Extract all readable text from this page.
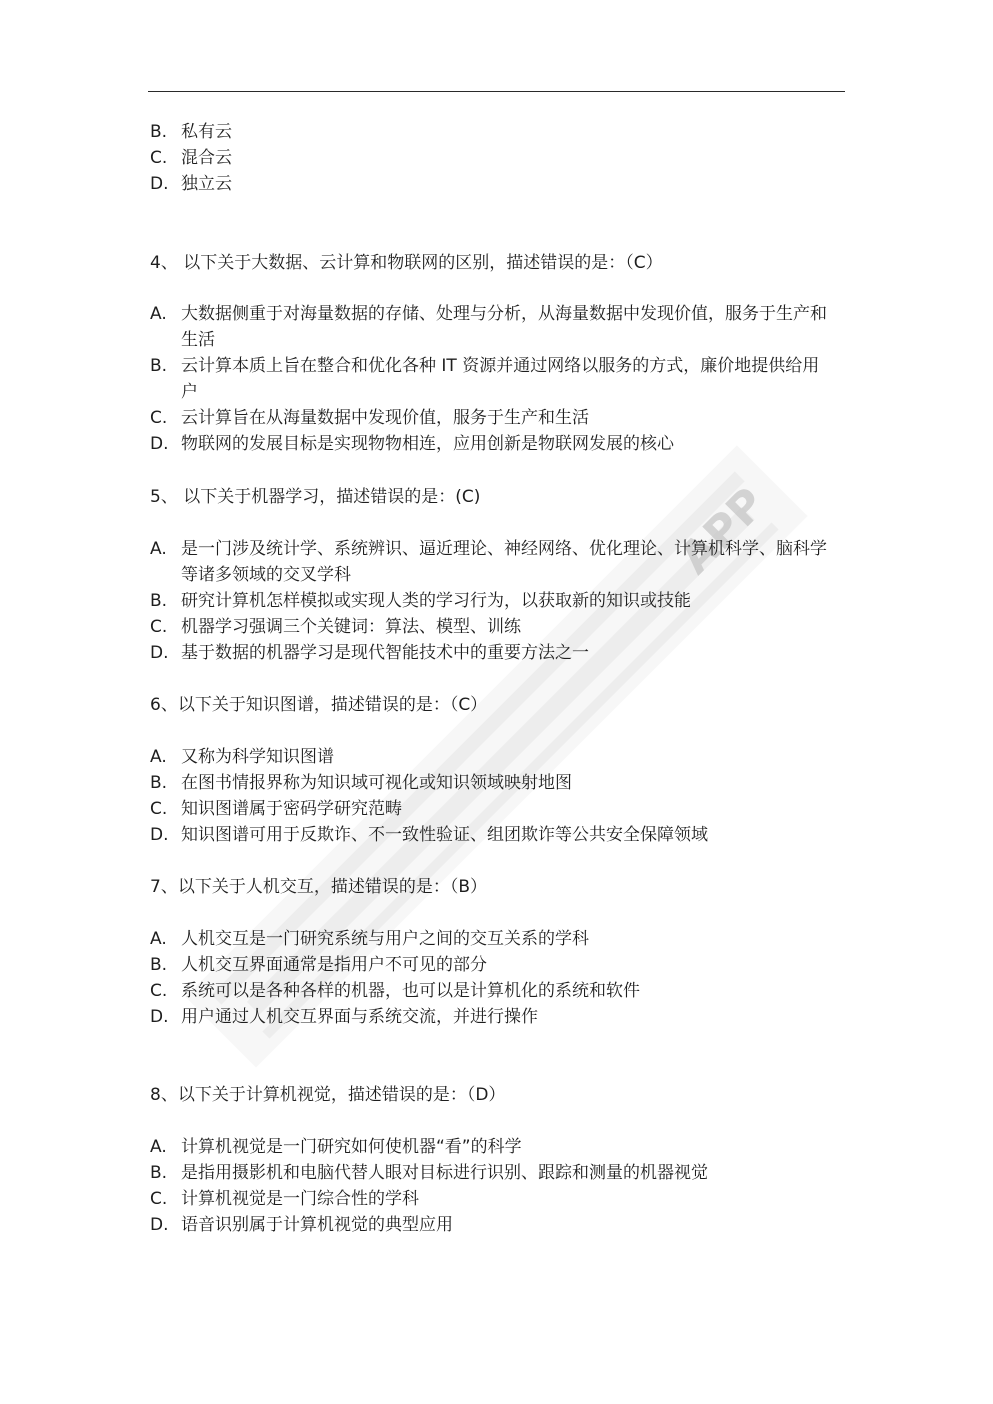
APP
B. 私有云
C. 混合云
D. 独立云
4、 以下关于大数据、云计算和物联网的区别，描述错误的是：（C）
A. 大数据侧重于对海量数据的存储、处理与分析，从海量数据中发现价值，服务于生产和生活
B. 云计算本质上旨在整合和优化各种 IT 资源并通过网络以服务的方式，廉价地提供给用户
C. 云计算旨在从海量数据中发现价值，服务于生产和生活
D. 物联网的发展目标是实现物物相连，应用创新是物联网发展的核心
5、 以下关于机器学习，描述错误的是：(C)
A. 是一门涉及统计学、系统辨识、逼近理论、神经网络、优化理论、计算机科学、脑科学等诸多领域的交叉学科
B. 研究计算机怎样模拟或实现人类的学习行为，以获取新的知识或技能
C. 机器学习强调三个关键词：算法、模型、训练
D. 基于数据的机器学习是现代智能技术中的重要方法之一
6、以下关于知识图谱，描述错误的是：（C）
A. 又称为科学知识图谱
B. 在图书情报界称为知识域可视化或知识领域映射地图
C. 知识图谱属于密码学研究范畴
D. 知识图谱可用于反欺诈、不一致性验证、组团欺诈等公共安全保障领域
7、以下关于人机交互，描述错误的是：（B）
A. 人机交互是一门研究系统与用户之间的交互关系的学科
B. 人机交互界面通常是指用户不可见的部分
C. 系统可以是各种各样的机器，也可以是计算机化的系统和软件
D. 用户通过人机交互界面与系统交流，并进行操作
8、以下关于计算机视觉，描述错误的是：（D）
A. 计算机视觉是一门研究如何使机器“看”的科学
B. 是指用摄影机和电脑代替人眼对目标进行识别、跟踪和测量的机器视觉
C. 计算机视觉是一门综合性的学科
D. 语音识别属于计算机视觉的典型应用
